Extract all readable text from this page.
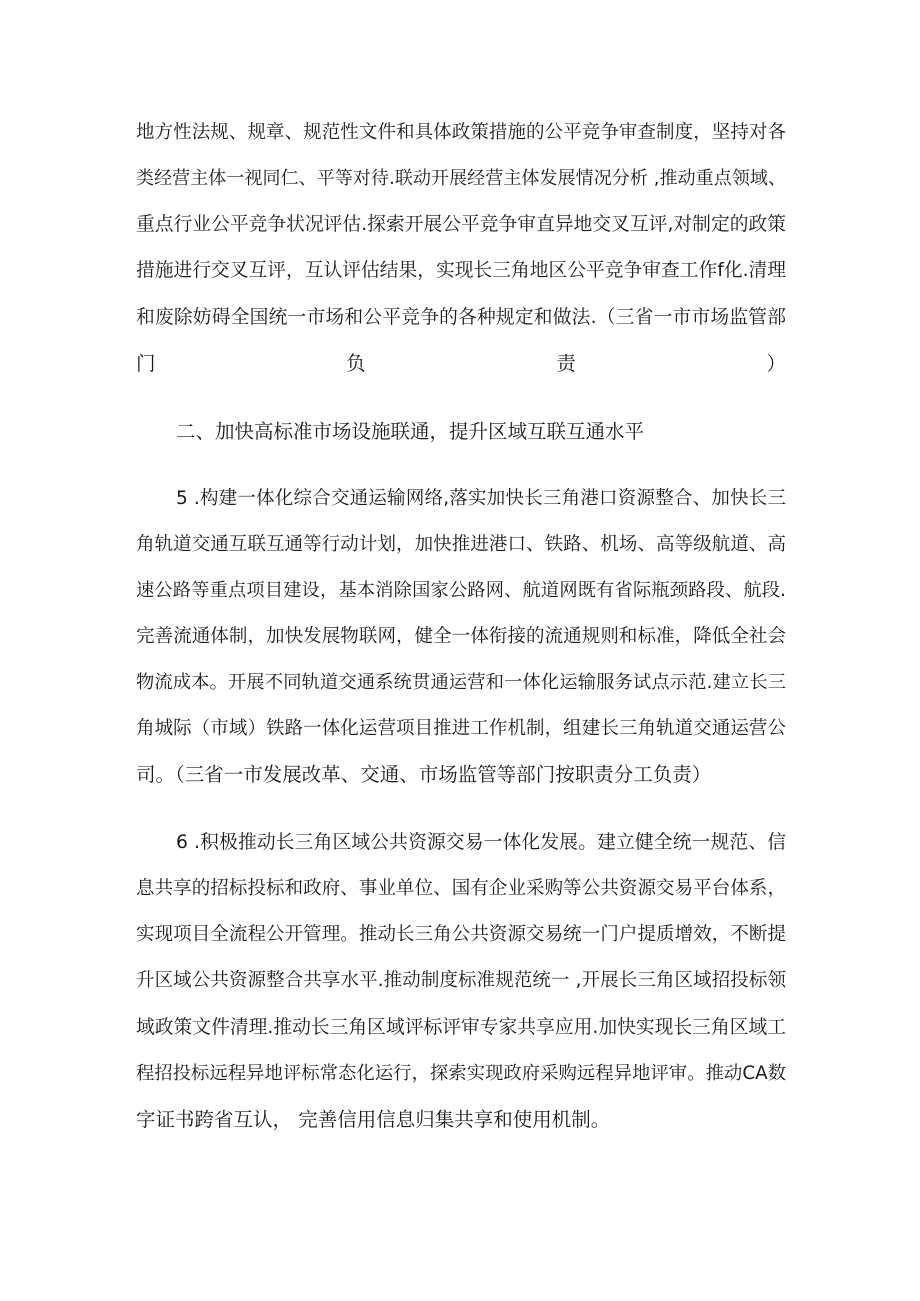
地方性法规、规章、规范性文件和具体政策措施的公平竞争审查制度，坚持对各
类经营主体一视同仁、平等对待.联动开展经营主体发展情况分析 ,推动重点领域、
重点行业公平竞争状况评估.探索开展公平竞争审直异地交叉互评,对制定的政策
措施进行交叉互评，互认评估结果，实现长三角地区公平竞争审查工作f化.清理
和废除妨碍全国统一市场和公平竞争的各种规定和做法.（三省一市市场监管部
门负责）
二、加快高标准市场设施联通，提升区域互联互通水平
5 .构建一体化综合交通运输网络,落实加快长三角港口资源整合、加快长三
角轨道交通互联互通等行动计划，加快推进港口、铁路、机场、高等级航道、高
速公路等重点项目建设，基本消除国家公路网、航道网既有省际瓶颈路段、航段.
完善流通体制，加快发展物联网，健全一体衔接的流通规则和标准，降低全社会
物流成本。开展不同轨道交通系统贯通运营和一体化运输服务试点示范.建立长三
角城际（市域）铁路一体化运营项目推进工作机制，组建长三角轨道交通运营公
司。（三省一市发展改革、交通、市场监管等部门按职责分工负责）
6 .积极推动长三角区域公共资源交易一体化发展。建立健全统一规范、信
息共享的招标投标和政府、事业单位、国有企业采购等公共资源交易平台体系，
实现项目全流程公开管理。推动长三角公共资源交易统一门户提质增效，不断提
升区域公共资源整合共享水平.推动制度标准规范统一 ,开展长三角区域招投标领
域政策文件清理.推动长三角区域评标评审专家共享应用.加快实现长三角区域工
程招投标远程异地评标常态化运行，探索实现政府采购远程异地评审。推动CA数
字证书跨省互认， 完善信用信息归集共享和使用机制。
